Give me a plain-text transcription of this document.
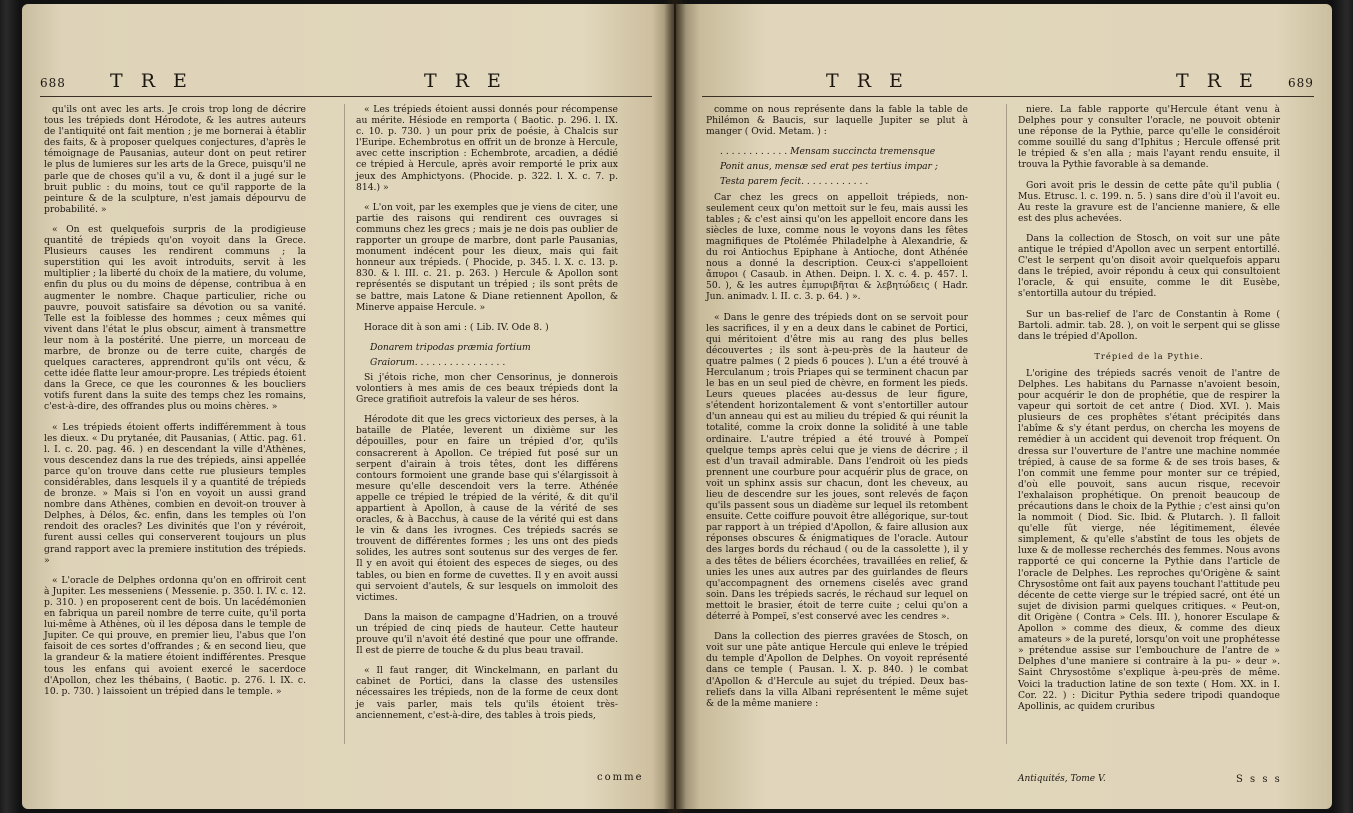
688 T R E	T R E

qu'ils ont avec les arts. Je crois trop long de décrire tous les trépieds dont Hérodote, & les autres auteurs de l'antiquité ont fait mention ; je me bornerai à établir des faits, & à proposer quelques conjectures, d'après le témoignage de Pausanias, auteur dont on peut retirer le plus de lumieres sur les arts de la Grece, puisqu'il ne parle que de choses qu'il a vu, & dont il a jugé sur le bruit public : du moins, tout ce qu'il rapporte de la peinture & de la sculpture, n'est jamais dépourvu de probabilité. »

« On est quelquefois surpris de la prodigieuse quantité de trépieds qu'on voyoit dans la Grece. Plusieurs causes les rendirent communs ; la superstition qui les avoit introduits, servit à les multiplier ; la liberté du choix de la matiere, du volume, enfin du plus ou du moins de dépense, contribua à en augmenter le nombre. Chaque particulier, riche ou pauvre, pouvoit satisfaire sa dévotion ou sa vanité. Telle est la foiblesse des hommes ; ceux mêmes qui vivent dans l'état le plus obscur, aiment à transmettre leur nom à la postérité. Une pierre, un morceau de marbre, de bronze ou de terre cuite, chargés de quelques caracteres, apprendront qu'ils ont vécu, & cette idée flatte leur amour-propre. Les trépieds étoient dans la Grece, ce que les couronnes & les boucliers votifs furent dans la suite des temps chez les romains, c'est-à-dire, des offrandes plus ou moins chères. »

« Les trépieds étoient offerts indifféremment à tous les dieux. « Du prytanée, dit Pausanias, ( Attic. pag. 61. l. I. c. 20. pag. 46. ) en descendant la ville d'Athènes, vous descendez dans la rue des trépieds, ainsi appellée parce qu'on trouve dans cette rue plusieurs temples considérables, dans lesquels il y a quantité de trépieds de bronze. » Mais si l'on en voyoit un aussi grand nombre dans Athènes, combien en devoit-on trouver à Delphes, à Délos, &c. enfin, dans les temples où l'on rendoit des oracles? Les divinités que l'on y révéroit, furent aussi celles qui conserverent toujours un plus grand rapport avec la premiere institution des trépieds. »

« L'oracle de Delphes ordonna qu'on en offriroit cent à Jupiter. Les messeniens ( Messenie. p. 350. l. IV. c. 12. p. 310. ) en proposerent cent de bois. Un lacédémonien en fabriqua un pareil nombre de terre cuite, qu'il porta lui-même à Athènes, où il les déposa dans le temple de Jupiter. Ce qui prouve, en premier lieu, l'abus que l'on faisoit de ces sortes d'offrandes ; & en second lieu, que la grandeur & la matiere étoient indifférentes. Presque tous les enfans qui avoient exercé le sacerdoce d'Apollon, chez les thébains, ( Baotic. p. 276. l. IX. c. 10. p. 730. ) laissoient un trépied dans le temple. »

« Les trépieds étoient aussi donnés pour récompense au mérite. Hésiode en remporta ( Baotic. p. 296. l. IX. c. 10. p. 730. ) un pour prix de poésie, à Chalcis sur l'Euripe. Echembrotus en offrit un de bronze à Hercule, avec cette inscription : Echembrote, arcadien, a dédié ce trépied à Hercule, après avoir remporté le prix aux jeux des Amphictyons. (Phocide. p. 322. l. X. c. 7. p. 814.) »

« L'on voit, par les exemples que je viens de citer, une partie des raisons qui rendirent ces ouvrages si communs chez les grecs ; mais je ne dois pas oublier de rapporter un groupe de marbre, dont parle Pausanias, monument indécent pour les dieux, mais qui fait honneur aux trépieds. ( Phocide, p. 345. l. X. c. 13. p. 830. & l. III. c. 21. p. 263. ) Hercule & Apollon sont représentés se disputant un trépied ; ils sont prêts de se battre, mais Latone & Diane retiennent Apollon, & Minerve appaise Hercule. »

Horace dit à son ami : ( Lib. IV. Ode 8. )

Donarem tripodas præmia fortium

Graiorum. . . . . . . . . . . . . . . .

Si j'étois riche, mon cher Censorinus, je donnerois volontiers à mes amis de ces beaux trépieds dont la Grece gratifioit autrefois la valeur de ses héros.

Hérodote dit que les grecs victorieux des perses, à la bataille de Platée, leverent un dixième sur les dépouilles, pour en faire un trépied d'or, qu'ils consacrerent à Apollon. Ce trépied fut posé sur un serpent d'airain à trois têtes, dont les différens contours formoient une grande base qui s'élargissoit à mesure qu'elle descendoit vers la terre. Athénée appelle ce trépied le trépied de la vérité, & dit qu'il appartient à Apollon, à cause de la vérité de ses oracles, & à Bacchus, à cause de la vérité qui est dans le vin & dans les ivrognes. Ces trépieds sacrés se trouvent de différentes formes ; les uns ont des pieds solides, les autres sont soutenus sur des verges de fer. Il y en avoit qui étoient des especes de sieges, ou des tables, ou bien en forme de cuvettes. Il y en avoit aussi qui servoient d'autels, & sur lesquels on immoloit des victimes.

Dans la maison de campagne d'Hadrien, on a trouvé un trépied de cinq pieds de hauteur. Cette hauteur prouve qu'il n'avoit été destiné que pour une offrande. Il est de pierre de touche & du plus beau travail.

« Il faut ranger, dit Winckelmann, en parlant du cabinet de Portici, dans la classe des ustensiles nécessaires les trépieds, non de la forme de ceux dont je vais parler, mais tels qu'ils étoient très-anciennement, c'est-à-dire, des tables à trois pieds,

comme
T R E	T R E 689

comme on nous représente dans la fable la table de Philémon & Baucis, sur laquelle Jupiter se plut à manger ( Ovid. Metam. ) :

. . . . . . . . . . . . Mensam succincta tremensque

Ponit anus, mensæ sed erat pes tertius impar ;

Testa parem fecit. . . . . . . . . . . .

Car chez les grecs on appelloit trépieds, non-seulement ceux qu'on mettoit sur le feu, mais aussi les tables ; & c'est ainsi qu'on les appelloit encore dans les siècles de luxe, comme nous le voyons dans les fêtes magnifiques de Ptolémée Philadelphe à Alexandrie, & du roi Antiochus Epiphane à Antioche, dont Athénée nous a donné la description. Ceux-ci s'appelloient ἄπυροι ( Casaub. in Athen. Deipn. l. X. c. 4. p. 457. l. 50. ), & les autres ἐμπυριβῆται & λεβητώδεις ( Hadr. Jun. animadv. l. II. c. 3. p. 64. ) ».

« Dans le genre des trépieds dont on se servoit pour les sacrifices, il y en a deux dans le cabinet de Portici, qui méritoient d'être mis au rang des plus belles découvertes ; ils sont à-peu-près de la hauteur de quatre palmes ( 2 pieds 6 pouces ). L'un a été trouvé à Herculanum ; trois Priapes qui se terminent chacun par le bas en un seul pied de chèvre, en forment les pieds. Leurs queues placées au-dessus de leur figure, s'étendent horizontalement & vont s'entortiller autour d'un anneau qui est au milieu du trépied & qui réunit la totalité, comme la croix donne la solidité à une table ordinaire. L'autre trépied a été trouvé à Pompeï quelque temps après celui que je viens de décrire ; il est d'un travail admirable. Dans l'endroit où les pieds prennent une courbure pour acquérir plus de grace, on voit un sphinx assis sur chacun, dont les cheveux, au lieu de descendre sur les joues, sont relevés de façon qu'ils passent sous un diadème sur lequel ils retombent ensuite. Cette coiffure pouvoit être allégorique, sur-tout par rapport à un trépied d'Apollon, & faire allusion aux réponses obscures & énigmatiques de l'oracle. Autour des larges bords du réchaud ( ou de la cassolette ), il y a des têtes de béliers écorchées, travaillées en relief, & unies les unes aux autres par des guirlandes de fleurs qu'accompagnent des ornemens ciselés avec grand soin. Dans les trépieds sacrés, le réchaud sur lequel on mettoit le brasier, étoit de terre cuite ; celui qu'on a déterré à Pompeï, s'est conservé avec les cendres ».

Dans la collection des pierres gravées de Stosch, on voit sur une pâte antique Hercule qui enleve le trépied du temple d'Apollon de Delphes. On voyoit représenté dans ce temple ( Pausan. l. X. p. 840. ) le combat d'Apollon & d'Hercule au sujet du trépied. Deux bas-reliefs dans la villa Albani représentent le même sujet & de la même maniere :

niere. La fable rapporte qu'Hercule étant venu à Delphes pour y consulter l'oracle, ne pouvoit obtenir une réponse de la Pythie, parce qu'elle le considéroit comme souillé du sang d'Iphitus ; Hercule offensé prit le trépied & s'en alla ; mais l'ayant rendu ensuite, il trouva la Pythie favorable à sa demande.

Gori avoit pris le dessin de cette pâte qu'il publia ( Mus. Etrusc. l. c. 199. n. 5. ) sans dire d'où il l'avoit eu. Au reste la gravure est de l'ancienne maniere, & elle est des plus achevées.

Dans la collection de Stosch, on voit sur une pâte antique le trépied d'Apollon avec un serpent entortillé. C'est le serpent qu'on disoit avoir quelquefois apparu dans le trépied, avoir répondu à ceux qui consultoient l'oracle, & qui ensuite, comme le dit Eusèbe, s'entortilla autour du trépied.

Sur un bas-relief de l'arc de Constantin à Rome ( Bartoli. admir. tab. 28. ), on voit le serpent qui se glisse dans le trépied d'Apollon.

Trépied de la Pythie.

L'origine des trépieds sacrés venoit de l'antre de Delphes. Les habitans du Parnasse n'avoient besoin, pour acquérir le don de prophétie, que de respirer la vapeur qui sortoit de cet antre ( Diod. XVI. ). Mais plusieurs de ces prophêtes s'étant précipités dans l'abîme & s'y étant perdus, on chercha les moyens de remédier à un accident qui devenoit trop fréquent. On dressa sur l'ouverture de l'antre une machine nommée trépied, à cause de sa forme & de ses trois bases, & l'on commit une femme pour monter sur ce trépied, d'où elle pouvoit, sans aucun risque, recevoir l'exhalaison prophétique. On prenoit beaucoup de précautions dans le choix de la Pythie ; c'est ainsi qu'on la nommoit ( Diod. Sic. Ibid. & Plutarch. ). Il falloit qu'elle fût vierge, née légitimement, élevée simplement, & qu'elle s'abstînt de tous les objets de luxe & de mollesse recherchés des femmes. Nous avons rapporté ce qui concerne la Pythie dans l'article de l'oracle de Delphes. Les reproches qu'Origène & saint Chrysostôme ont fait aux payens touchant l'attitude peu décente de cette vierge sur le trépied sacré, ont été un sujet de division parmi quelques critiques. « Peut-on, dit Origène ( Contra » Cels. III. ), honorer Esculape & Apollon » comme des dieux, & comme des dieux amateurs » de la pureté, lorsqu'on voit une prophétesse » prétendue assise sur l'embouchure de l'antre de » Delphes d'une maniere si contraire à la pu- » deur ». Saint Chrysostôme s'explique à-peu-près de même. Voici la traduction latine de son texte ( Hom. XX. in I. Cor. 22. ) : Dicitur Pythia sedere tripodi quandoque Apollinis, ac quidem cruribus

Antiquités, Tome V.	S s s s
